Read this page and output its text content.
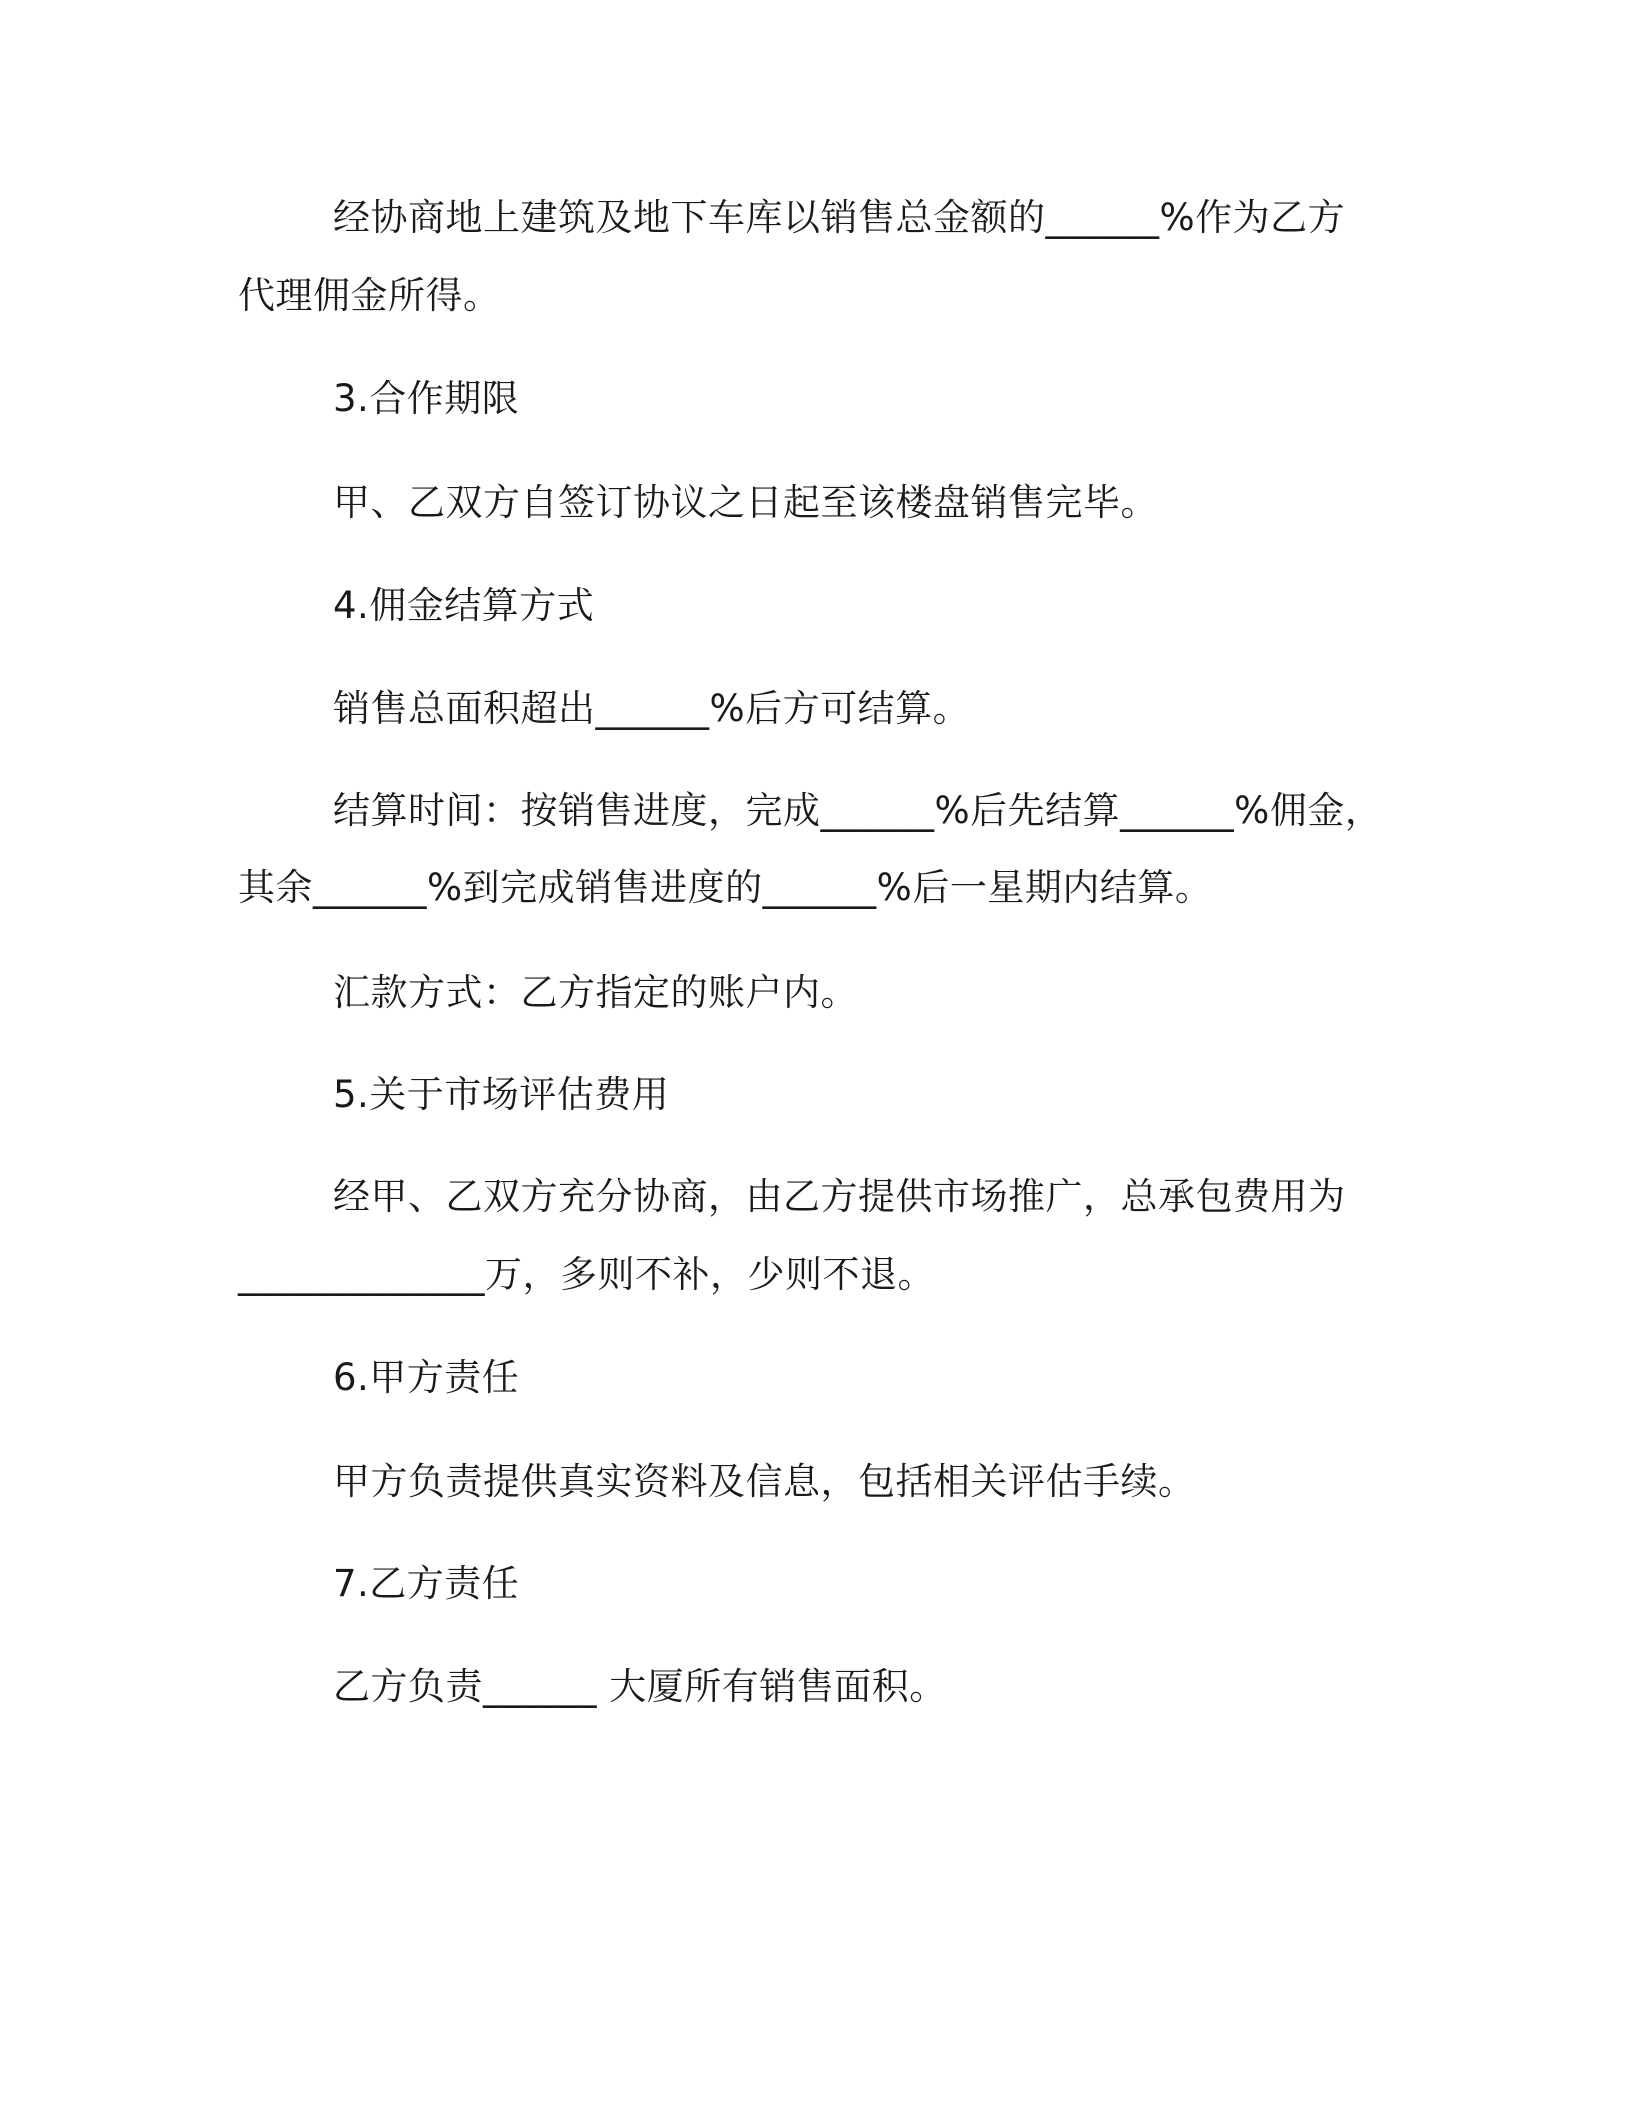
经协商地上建筑及地下车库以销售总金额的______%作为乙方
代理佣金所得。
3.合作期限
甲、乙双方自签订协议之日起至该楼盘销售完毕。
4.佣金结算方式
销售总面积超出______%后方可结算。
结算时间：按销售进度，完成______%后先结算______%佣金，
其余______%到完成销售进度的______%后一星期内结算。
汇款方式：乙方指定的账户内。
5.关于市场评估费用
经甲、乙双方充分协商，由乙方提供市场推广，总承包费用为
_____________万，多则不补，少则不退。
6.甲方责任
甲方负责提供真实资料及信息，包括相关评估手续。
7.乙方责任
乙方负责______ 大厦所有销售面积。
